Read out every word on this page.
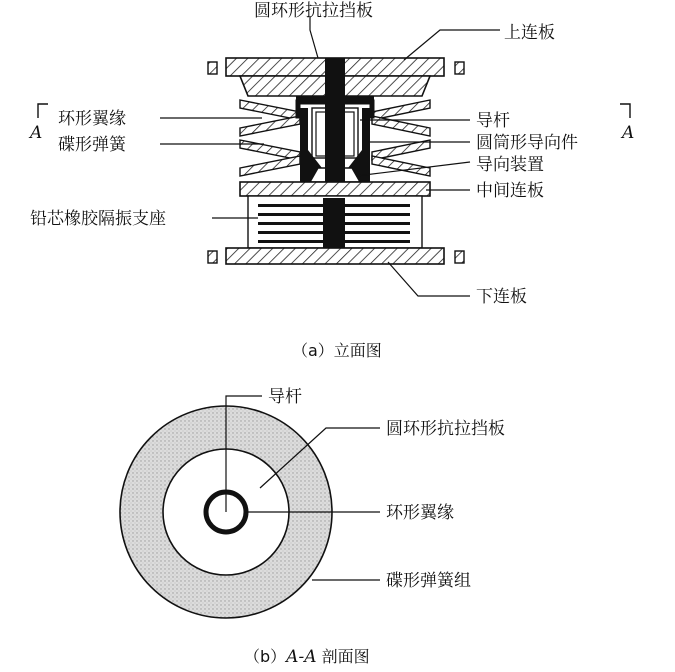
A	A
圆环形抗拉挡板
上连板
环形翼缘
碟形弹簧
导杆
圆筒形导向件
导向装置
中间连板
铅芯橡胶隔振支座
下连板
（a）立面图
导杆
圆环形抗拉挡板
环形翼缘
碟形弹簧组
（b）A-A 剖面图
